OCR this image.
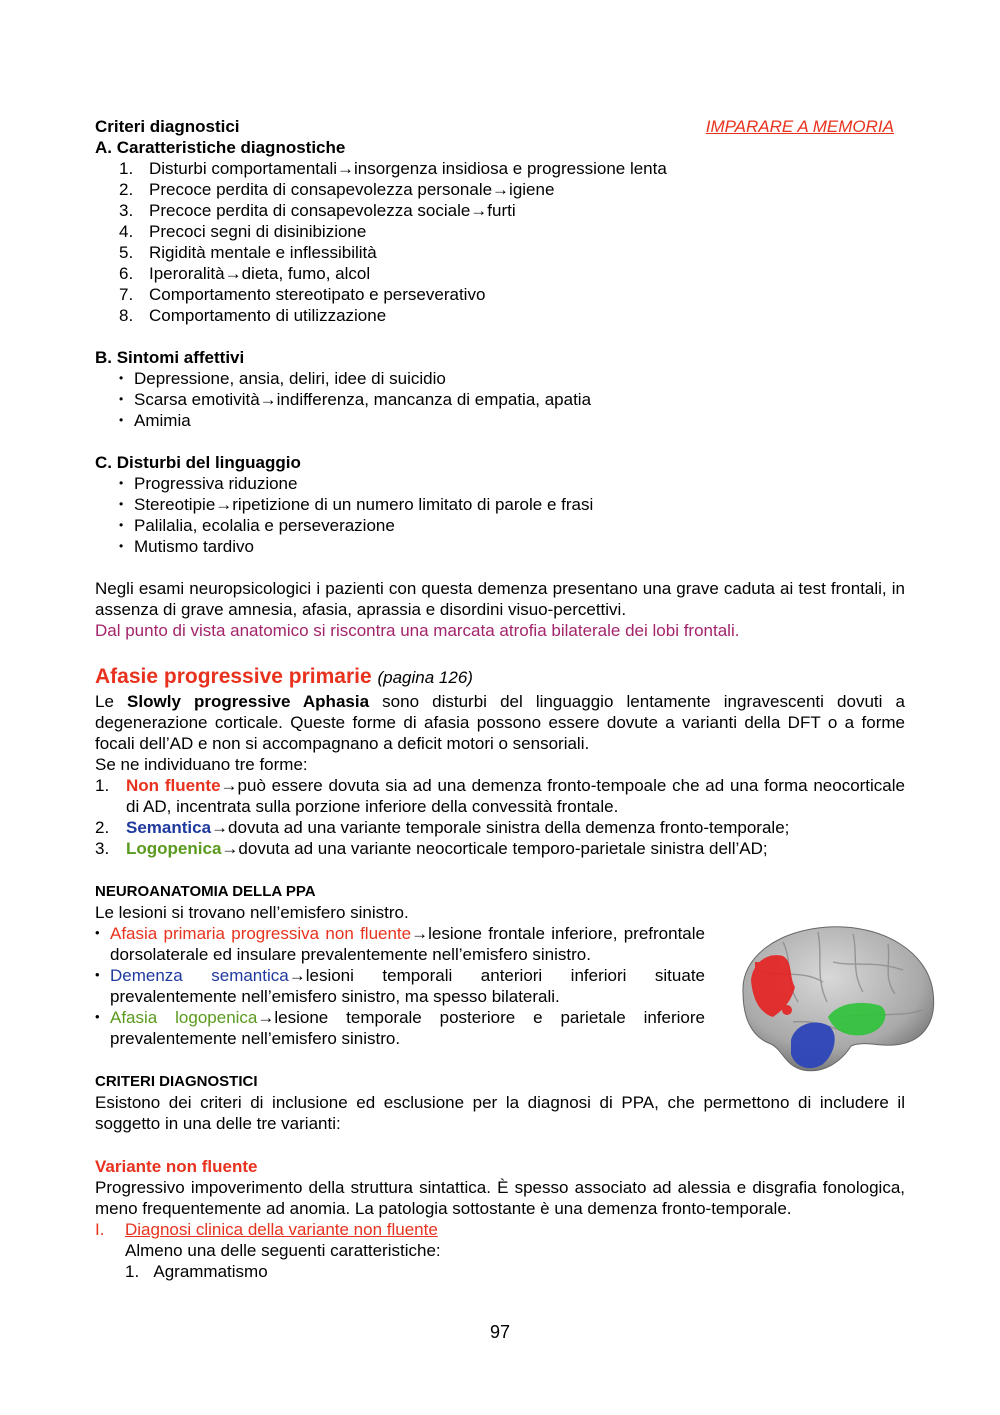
Criteri diagnostici	IMPARARE A MEMORIA
A. Caratteristiche diagnostiche
1. Disturbi comportamentali→insorgenza insidiosa e progressione lenta
2. Precoce perdita di consapevolezza personale→igiene
3. Precoce perdita di consapevolezza sociale→furti
4. Precoci segni di disinibizione
5. Rigidità mentale e inflessibilità
6. Iperoralità→dieta, fumo, alcol
7. Comportamento stereotipato e perseverativo
8. Comportamento di utilizzazione
B. Sintomi affettivi
• Depressione, ansia, deliri, idee di suicidio
• Scarsa emotività→indifferenza, mancanza di empatia, apatia
• Amimia
C. Disturbi del linguaggio
• Progressiva riduzione
• Stereotipie→ripetizione di un numero limitato di parole e frasi
• Palilalia, ecolalia e perseverazione
• Mutismo tardivo

Negli esami neuropsicologici i pazienti con questa demenza presentano una grave caduta ai test frontali, in assenza di grave amnesia, afasia, aprassia e disordini visuo-percettivi.

Dal punto di vista anatomico si riscontra una marcata atrofia bilaterale dei lobi frontali.

Afasie progressive primarie (pagina 126)

Le Slowly progressive Aphasia sono disturbi del linguaggio lentamente ingravescenti dovuti a degenerazione corticale. Queste forme di afasia possono essere dovute a varianti della DFT o a forme focali dell’AD e non si accompagnano a deficit motori o sensoriali.

Se ne individuano tre forme:

1. Non fluente→può essere dovuta sia ad una demenza fronto-tempoale che ad una forma neocorticale di AD, incentrata sulla porzione inferiore della convessità frontale.
2. Semantica→dovuta ad una variante temporale sinistra della demenza fronto-temporale;
3. Logopenica→dovuta ad una variante neocorticale temporo-parietale sinistra dell’AD;
NEUROANATOMIA DELLA PPA

Le lesioni si trovano nell’emisfero sinistro.

• Afasia primaria progressiva non fluente→lesione frontale inferiore, prefrontale dorsolaterale ed insulare prevalentemente nell’emisfero sinistro.
• Demenza semantica→lesioni temporali anteriori inferiori situate prevalentemente nell’emisfero sinistro, ma spesso bilaterali.
• Afasia logopenica→lesione temporale posteriore e parietale inferiore prevalentemente nell’emisfero sinistro.
CRITERI DIAGNOSTICI

Esistono dei criteri di inclusione ed esclusione per la diagnosi di PPA, che permettono di includere il soggetto in una delle tre varianti:

Variante non fluente

Progressivo impoverimento della struttura sintattica. È spesso associato ad alessia e disgrafia fonologica, meno frequentemente ad anomia. La patologia sottostante è una demenza fronto-temporale.

I. Diagnosi clinica della variante non fluente
Almeno una delle seguenti caratteristiche:
1. Agrammatismo
97
